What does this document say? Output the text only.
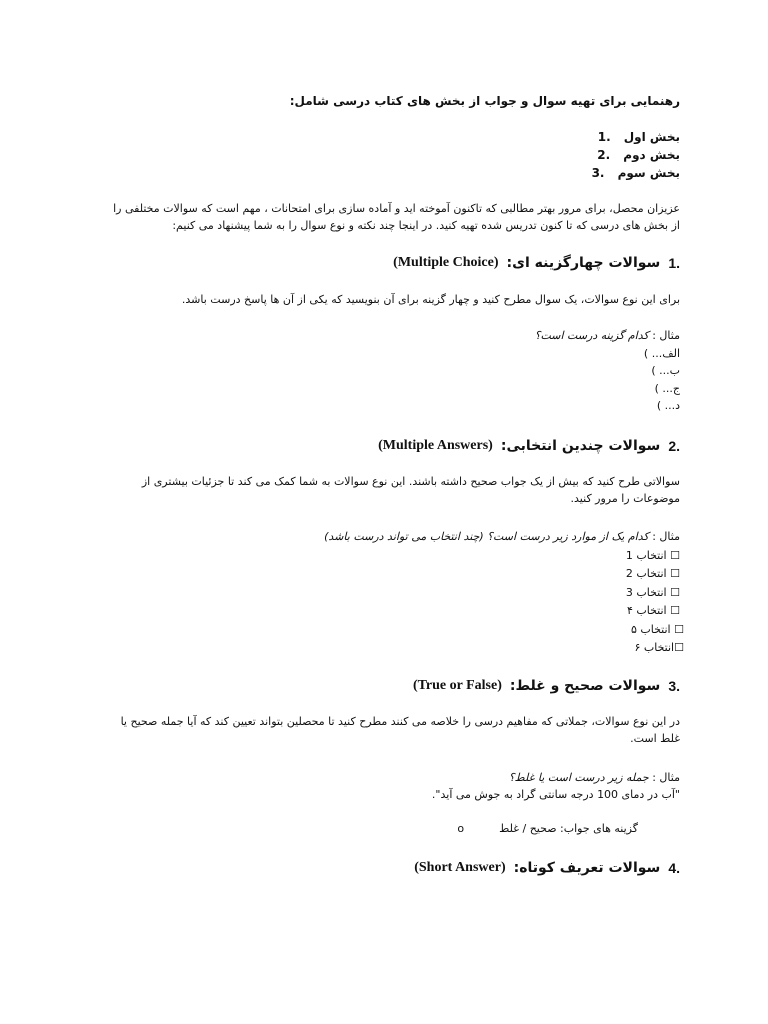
رهنمایی برای تهیه سوال و جواب از بخش های کتاب درسی شامل:
بخش اول
1.
بخش دوم
2.
بخش سوم
3.
عزیزان محصل، برای مرور بهتر مطالبی که تاکنون آموخته اید و آماده سازی برای امتحانات ، مهم است که سوالات مختلفی را از بخش های درسی که تا کنون تدریس شده تهیه کنید. در اینجا چند نکته و نوع سوال را به شما پیشنهاد می کنیم:
1.
سوالات چهارگزینه ای:
(Multiple Choice)
برای این نوع سوالات، یک سوال مطرح کنید و چهار گزینه برای آن بنویسید که یکی از آن ها پاسخ درست باشد.
مثال : کدام گزینه درست است؟
الف... )
ب... )
ج... )
د... )
2.
سوالات چندین انتخابی:
(Multiple Answers)
سوالاتی طرح کنید که بیش از یک جواب صحیح داشته باشند. این نوع سوالات به شما کمک می کند تا جزئیات بیشتری از موضوعات را مرور کنید.
مثال : کدام یک از موارد زیر درست است؟ (چند انتخاب می تواند درست باشد)
☐ انتخاب 1
☐ انتخاب 2
☐ انتخاب 3
☐ انتخاب ۴
☐ انتخاب ۵
☐انتخاب ۶
3.
سوالات صحیح و غلط:
(True or False)
در این نوع سوالات، جملاتی که مفاهیم درسی را خلاصه می کنند مطرح کنید تا محصلین بتواند تعیین کند که آیا جمله صحیح یا غلط است.
مثال : جمله زیر درست است یا غلط؟
"آب در دمای 100 درجه سانتی گراد به جوش می آید".
گزینه های جواب: صحیح / غلط  o
4.
سوالات تعریف کوتاه:
(Short Answer)
